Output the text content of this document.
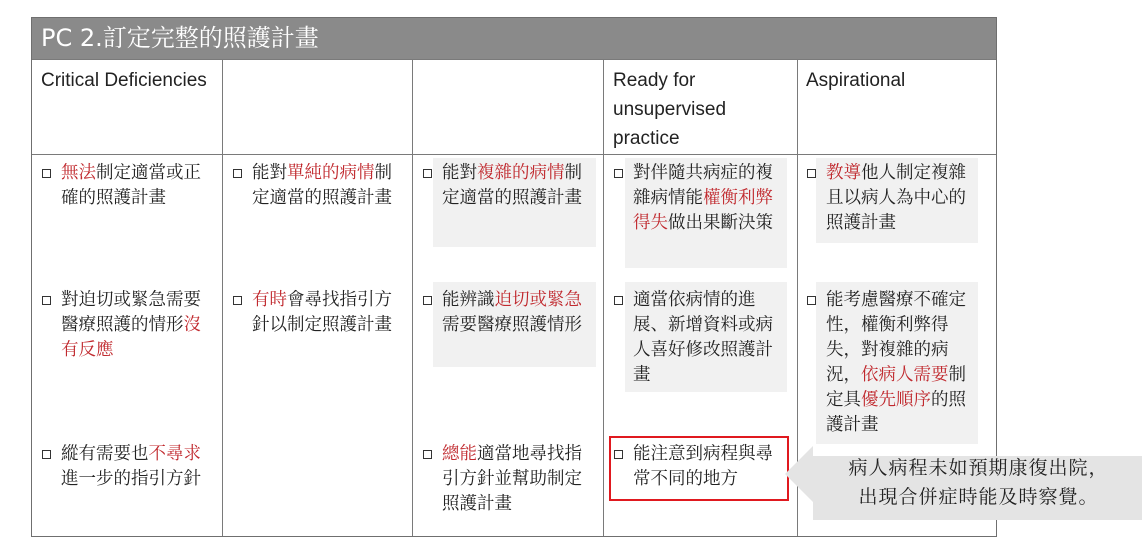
PC 2.訂定完整的照護計畫
Critical Deficiencies	Ready for unsupervised practice
Aspirational
無法制定適當或正確的照護計畫
對迫切或緊急需要醫療照護的情形沒有反應
縱有需要也不尋求進一步的指引方針
能對單純的病情制定適當的照護計畫
有時會尋找指引方針以制定照護計畫
能對複雜的病情制定適當的照護計畫
能辨識迫切或緊急需要醫療照護情形
總能適當地尋找指引方針並幫助制定照護計畫
對伴隨共病症的複雜病情能權衡利弊得失做出果斷決策
適當依病情的進展、新增資料或病人喜好修改照護計畫
能注意到病程與尋常不同的地方
教導他人制定複雜且以病人為中心的照護計畫
能考慮醫療不確定性，權衡利弊得失，對複雜的病況，依病人需要制定具優先順序的照護計畫
病人病程未如預期康復出院，
出現合併症時能及時察覺。
